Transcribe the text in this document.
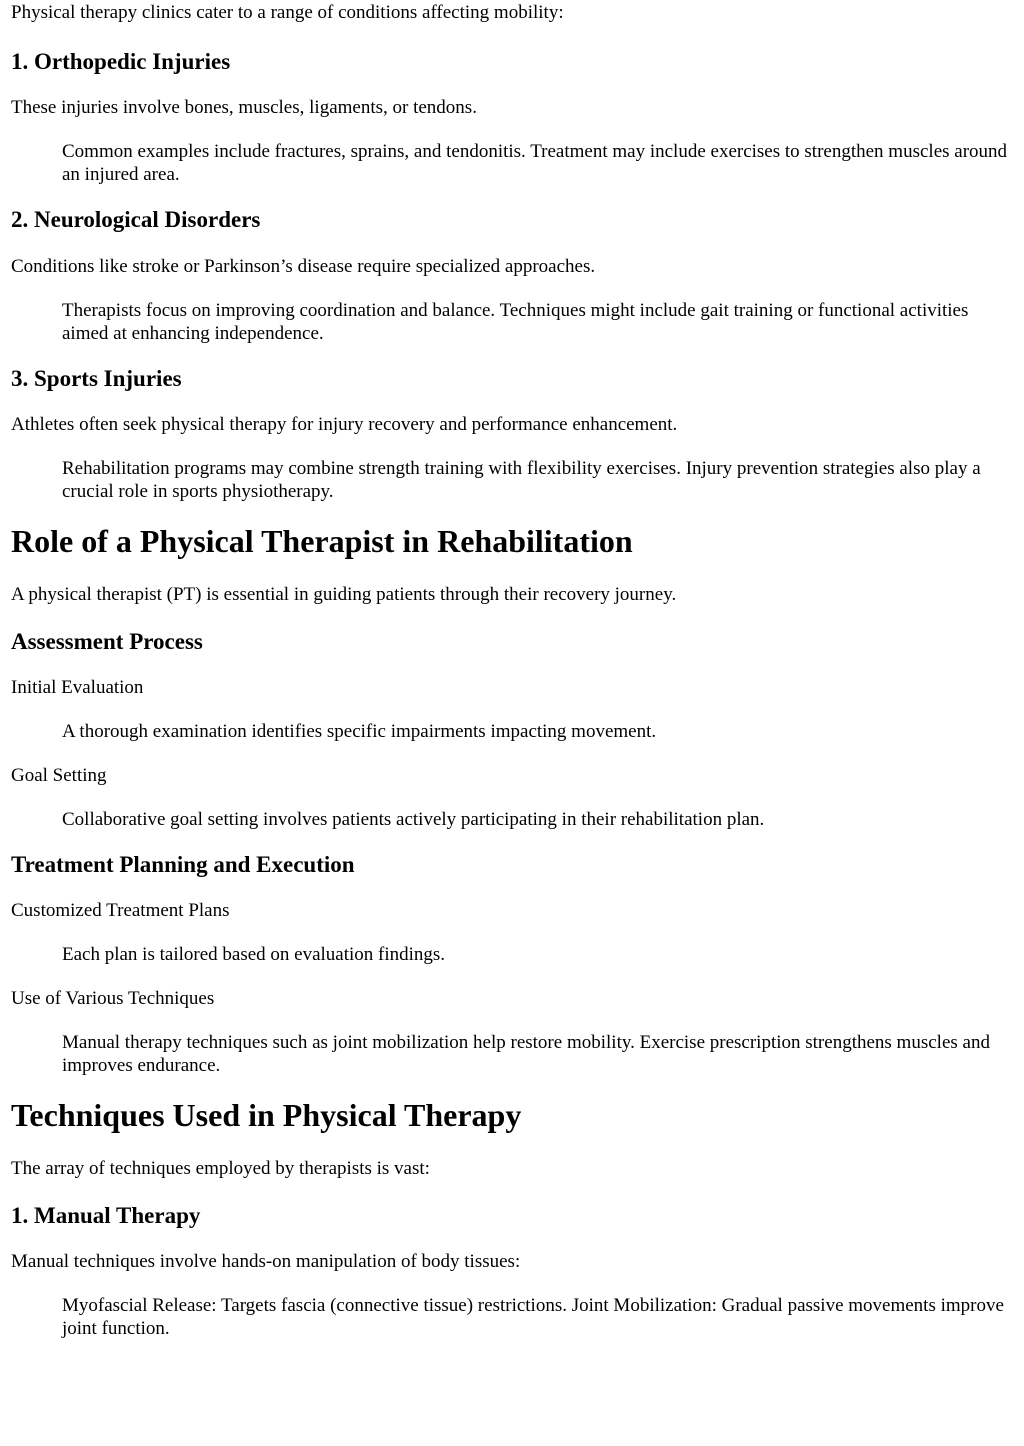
Physical therapy clinics cater to a range of conditions affecting mobility:

1. Orthopedic Injuries

These injuries involve bones, muscles, ligaments, or tendons.

Common examples include fractures, sprains, and tendonitis. Treatment may include exercises to strengthen muscles around an injured area.
2. Neurological Disorders

Conditions like stroke or Parkinson’s disease require specialized approaches.

Therapists focus on improving coordination and balance. Techniques might include gait training or functional activities aimed at enhancing independence.
3. Sports Injuries

Athletes often seek physical therapy for injury recovery and performance enhancement.

Rehabilitation programs may combine strength training with flexibility exercises. Injury prevention strategies also play a crucial role in sports physiotherapy.
Role of a Physical Therapist in Rehabilitation

A physical therapist (PT) is essential in guiding patients through their recovery journey.

Assessment Process

Initial Evaluation

A thorough examination identifies specific impairments impacting movement.

Goal Setting

Collaborative goal setting involves patients actively participating in their rehabilitation plan.
Treatment Planning and Execution

Customized Treatment Plans

Each plan is tailored based on evaluation findings.

Use of Various Techniques

Manual therapy techniques such as joint mobilization help restore mobility. Exercise prescription strengthens muscles and improves endurance.
Techniques Used in Physical Therapy

The array of techniques employed by therapists is vast:

1. Manual Therapy

Manual techniques involve hands-on manipulation of body tissues:

Myofascial Release: Targets fascia (connective tissue) restrictions. Joint Mobilization: Gradual passive movements improve joint function.
